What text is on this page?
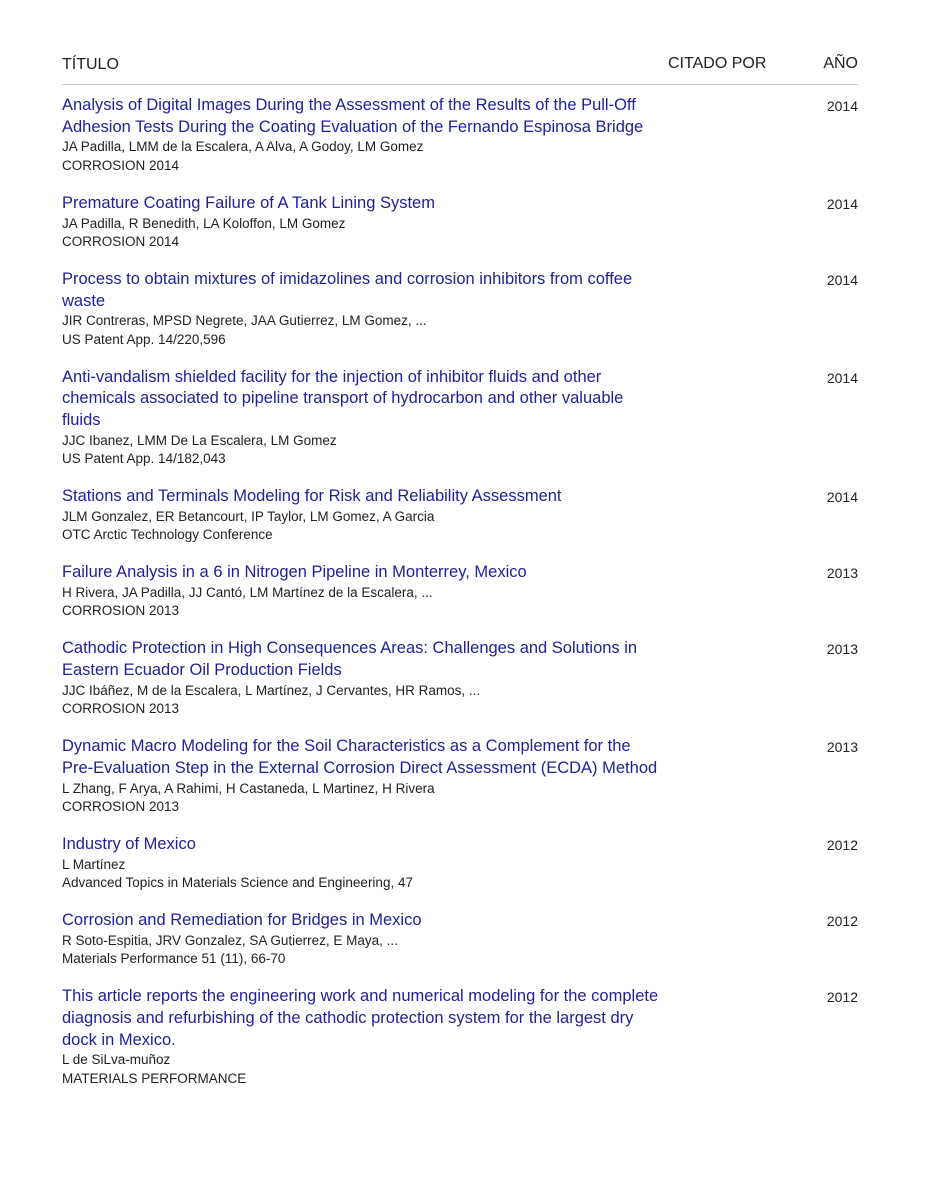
TÍTULO	CITADO POR	AÑO
Analysis of Digital Images During the Assessment of the Results of the Pull-Off Adhesion Tests During the Coating Evaluation of the Fernando Espinosa Bridge
JA Padilla, LMM de la Escalera, A Alva, A Godoy, LM Gomez
CORROSION 2014
2014
Premature Coating Failure of A Tank Lining System
JA Padilla, R Benedith, LA Koloffon, LM Gomez
CORROSION 2014
2014
Process to obtain mixtures of imidazolines and corrosion inhibitors from coffee waste
JIR Contreras, MPSD Negrete, JAA Gutierrez, LM Gomez, ...
US Patent App. 14/220,596
2014
Anti-vandalism shielded facility for the injection of inhibitor fluids and other chemicals associated to pipeline transport of hydrocarbon and other valuable fluids
JJC Ibanez, LMM De La Escalera, LM Gomez
US Patent App. 14/182,043
2014
Stations and Terminals Modeling for Risk and Reliability Assessment
JLM Gonzalez, ER Betancourt, IP Taylor, LM Gomez, A Garcia
OTC Arctic Technology Conference
2014
Failure Analysis in a 6 in Nitrogen Pipeline in Monterrey, Mexico
H Rivera, JA Padilla, JJ Cantó, LM Martínez de la Escalera, ...
CORROSION 2013
2013
Cathodic Protection in High Consequences Areas: Challenges and Solutions in Eastern Ecuador Oil Production Fields
JJC Ibáñez, M de la Escalera, L Martínez, J Cervantes, HR Ramos, ...
CORROSION 2013
2013
Dynamic Macro Modeling for the Soil Characteristics as a Complement for the Pre-Evaluation Step in the External Corrosion Direct Assessment (ECDA) Method
L Zhang, F Arya, A Rahimi, H Castaneda, L Martinez, H Rivera
CORROSION 2013
2013
Industry of Mexico
L Martínez
Advanced Topics in Materials Science and Engineering, 47
2012
Corrosion and Remediation for Bridges in Mexico
R Soto-Espitia, JRV Gonzalez, SA Gutierrez, E Maya, ...
Materials Performance 51 (11), 66-70
2012
This article reports the engineering work and numerical modeling for the complete diagnosis and refurbishing of the cathodic protection system for the largest dry dock in Mexico.
L de SiLva-muñoz
MATERIALS PERFORMANCE
2012
